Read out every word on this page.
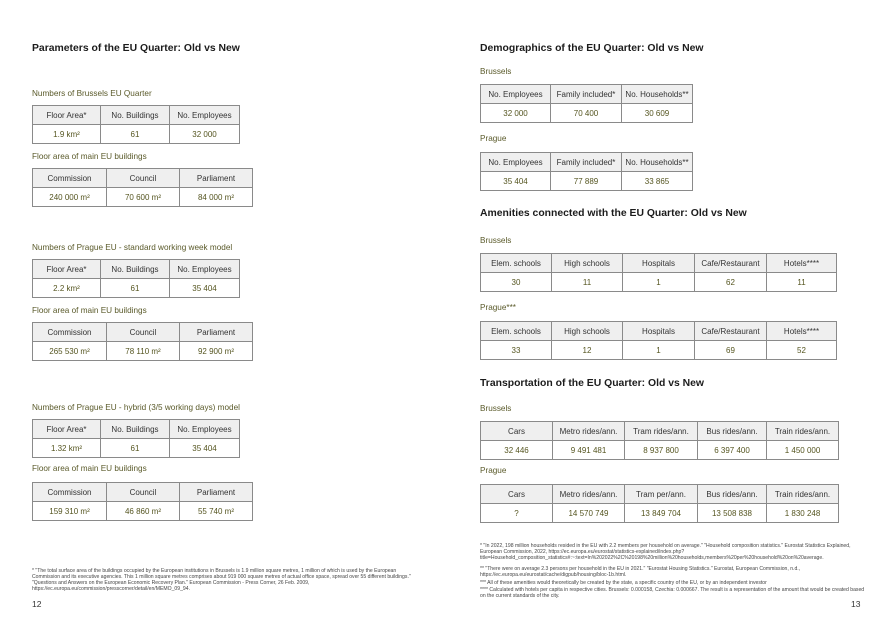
Parameters of the EU Quarter: Old vs New
Numbers of Brussels EU Quarter
Floor Area*	No. Buildings	No. Employees
1.9 km²	61	32 000
Floor area of main EU buildings
Commission	Council	Parliament
240 000 m²	70 600 m²	84 000 m²
Numbers of Prague EU - standard working week model
Floor Area*	No. Buildings	No. Employees
2.2 km²	61	35 404
Floor area of main EU buildings
Commission	Council	Parliament
265 530 m²	78 110 m²	92 900 m²
Numbers of Prague EU - hybrid (3/5 working days) model
Floor Area*	No. Buildings	No. Employees
1.32 km²	61	35 404
Floor area of main EU buildings
Commission	Council	Parliament
159 310 m²	46 860 m²	55 740 m²
* "The total surface area of the buildings occupied by the European institutions in Brussels is 1.9 million square metres, 1 million of which is used by the European Commission and its executive agencies. This 1 million square metres comprises about 919 000 square metres of actual office space, spread over 55 different buildings." "Questions and Answers on the European Economic Recovery Plan." European Commission - Press Corner, 26 Feb. 2009, https://ec.europa.eu/commission/presscorner/detail/en/MEMO_09_94.
12
Demographics of the EU Quarter: Old vs New
Brussels
No. Employees	Family included*	No. Households**
32 000	70 400	30 609
Prague
No. Employees	Family included*	No. Households**
35 404	77 889	33 865
Amenities connected with the EU Quarter: Old vs New
Brussels
Elem. schools	High schools	Hospitals	Cafe/Restaurant	Hotels****
30	11	1	62	11
Prague***
Elem. schools	High schools	Hospitals	Cafe/Restaurant	Hotels****
33	12	1	69	52
Transportation of the EU Quarter: Old vs New
Brussels
Cars	Metro rides/ann.	Tram rides/ann.	Bus rides/ann.	Train rides/ann.
32 446	9 491 481	8 937 800	6 397 400	1 450 000
Prague
Cars	Metro rides/ann.	Tram per/ann.	Bus rides/ann.	Train rides/ann.
?	14 570 749	13 849 704	13 508 838	1 830 248
* "In 2022, 198 million households resided in the EU with 2.2 members per household on average." "Household composition statistics." Eurostat Statistics Explained, European Commission, 2022, https://ec.europa.eu/eurostat/statistics-explained/index.php?title=Household_composition_statistics#:~:text=In%202022%2C%20198%20million%20households,members%20per%20household%20on%20average.
** "There were on average 2.3 persons per household in the EU in 2021." "Eurostat Housing Statistics." Eurostat, European Commission, n.d., https://ec.europa.eu/eurostat/cache/digpub/housing/bloc-1b.html.
*** All of these amenities would theoretically be created by the state, a specific country of the EU, or by an independent investor
**** Calculated with hotels per capita in respective cities. Brussels: 0.000158, Czechia: 0.000667. The result is a representation of the amount that would be created based on the current standards of the city.
13
